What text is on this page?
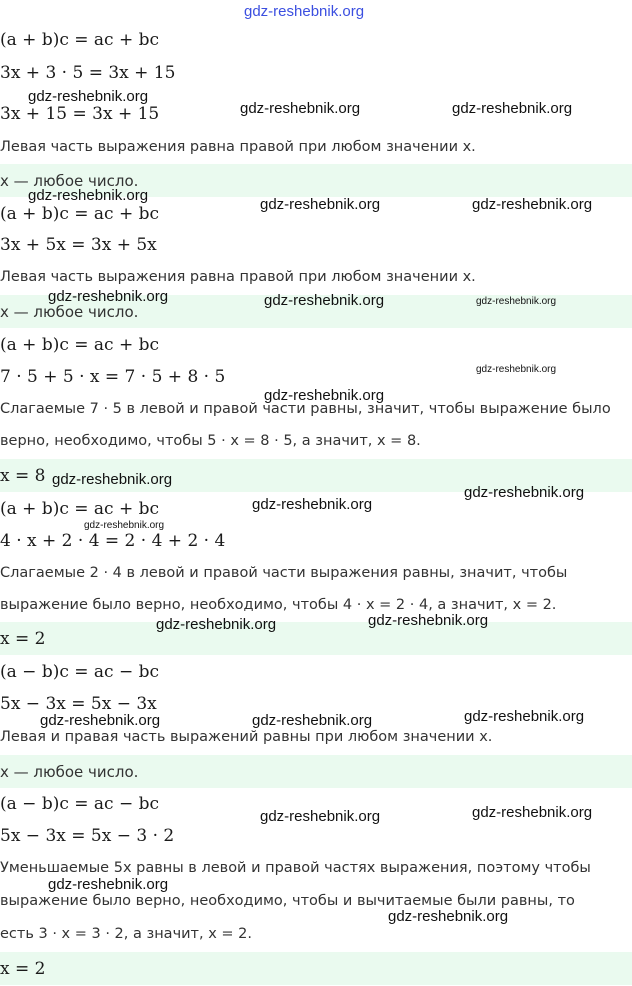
(a + b)c = ac + bc
3x + 3 · 5 = 3x + 15
3x + 15 = 3x + 15
Левая часть выражения равна правой при любом значении x.
x — любое число.
(a + b)c = ac + bc
3x + 5x = 3x + 5x
Левая часть выражения равна правой при любом значении x.
x — любое число.
(a + b)c = ac + bc
7 · 5 + 5 · x = 7 · 5 + 8 · 5
Слагаемые 7 · 5 в левой и правой части равны, значит, чтобы выражение было
верно, необходимо, чтобы 5 · x = 8 · 5, а значит, x = 8.
x = 8
(a + b)c = ac + bc
4 · x + 2 · 4 = 2 · 4 + 2 · 4
Слагаемые 2 · 4 в левой и правой части выражения равны, значит, чтобы
выражение было верно, необходимо, чтобы 4 · x = 2 · 4, а значит, x = 2.
x = 2
(a − b)c = ac − bc
5x − 3x = 5x − 3x
Левая и правая часть выражений равны при любом значении x.
x — любое число.
(a − b)c = ac − bc
5x − 3x = 5x − 3 · 2
Уменьшаемые 5x равны в левой и правой частях выражения, поэтому чтобы
выражение было верно, необходимо, чтобы и вычитаемые были равны, то
есть 3 · x = 3 · 2, а значит, x = 2.
x = 2
gdz-reshebnik.org
gdz-reshebnik.org
gdz-reshebnik.org	gdz-reshebnik.org
gdz-reshebnik.org
gdz-reshebnik.org	gdz-reshebnik.org
gdz-reshebnik.org	gdz-reshebnik.org	gdz-reshebnik.org
gdz-reshebnik.org
gdz-reshebnik.org
gdz-reshebnik.org
gdz-reshebnik.org
gdz-reshebnik.org
gdz-reshebnik.org
gdz-reshebnik.org	gdz-reshebnik.org
gdz-reshebnik.org	gdz-reshebnik.org	gdz-reshebnik.org
gdz-reshebnik.org	gdz-reshebnik.org
gdz-reshebnik.org
gdz-reshebnik.org
